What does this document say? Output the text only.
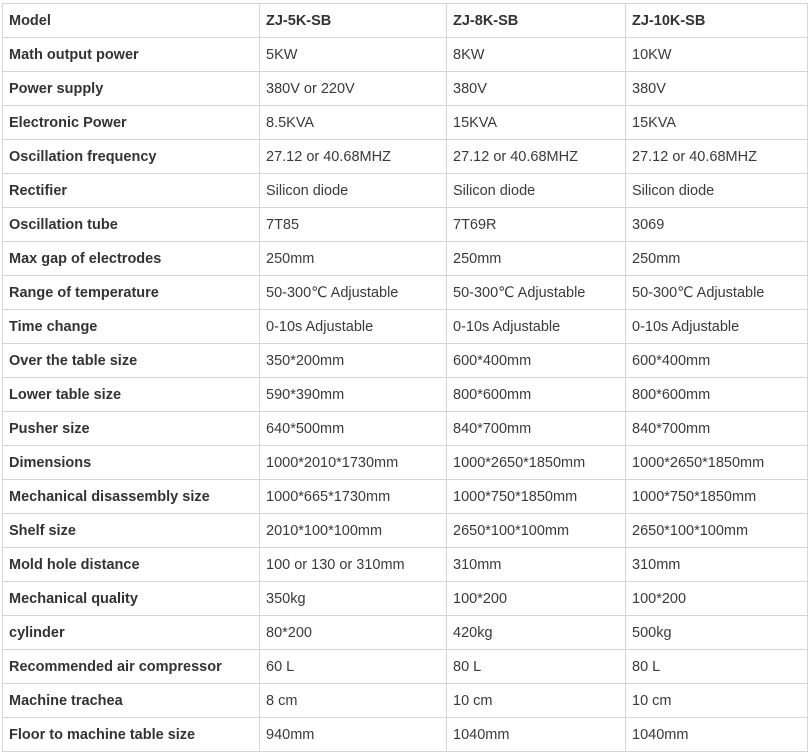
Model	ZJ-5K-SB	ZJ-8K-SB	ZJ-10K-SB
Math output power	5KW	8KW	10KW
Power supply	380V or 220V	380V	380V
Electronic Power	8.5KVA	15KVA	15KVA
Oscillation frequency	27.12 or 40.68MHZ	27.12 or 40.68MHZ	27.12 or 40.68MHZ
Rectifier	Silicon diode	Silicon diode	Silicon diode
Oscillation tube	7T85	7T69R	3069
Max gap of electrodes	250mm	250mm	250mm
Range of temperature	50-300℃ Adjustable	50-300℃ Adjustable	50-300℃ Adjustable
Time change	0-10s Adjustable	0-10s Adjustable	0-10s Adjustable
Over the table size	350*200mm	600*400mm	600*400mm
Lower table size	590*390mm	800*600mm	800*600mm
Pusher size	640*500mm	840*700mm	840*700mm
Dimensions	1000*2010*1730mm	1000*2650*1850mm	1000*2650*1850mm
Mechanical disassembly size	1000*665*1730mm	1000*750*1850mm	1000*750*1850mm
Shelf size	2010*100*100mm	2650*100*100mm	2650*100*100mm
Mold hole distance	100 or 130 or 310mm	310mm	310mm
Mechanical quality	350kg	100*200	100*200
cylinder	80*200	420kg	500kg
Recommended air compressor	60 L	80 L	80 L
Machine trachea	8 cm	10 cm	10 cm
Floor to machine table size	940mm	1040mm	1040mm
